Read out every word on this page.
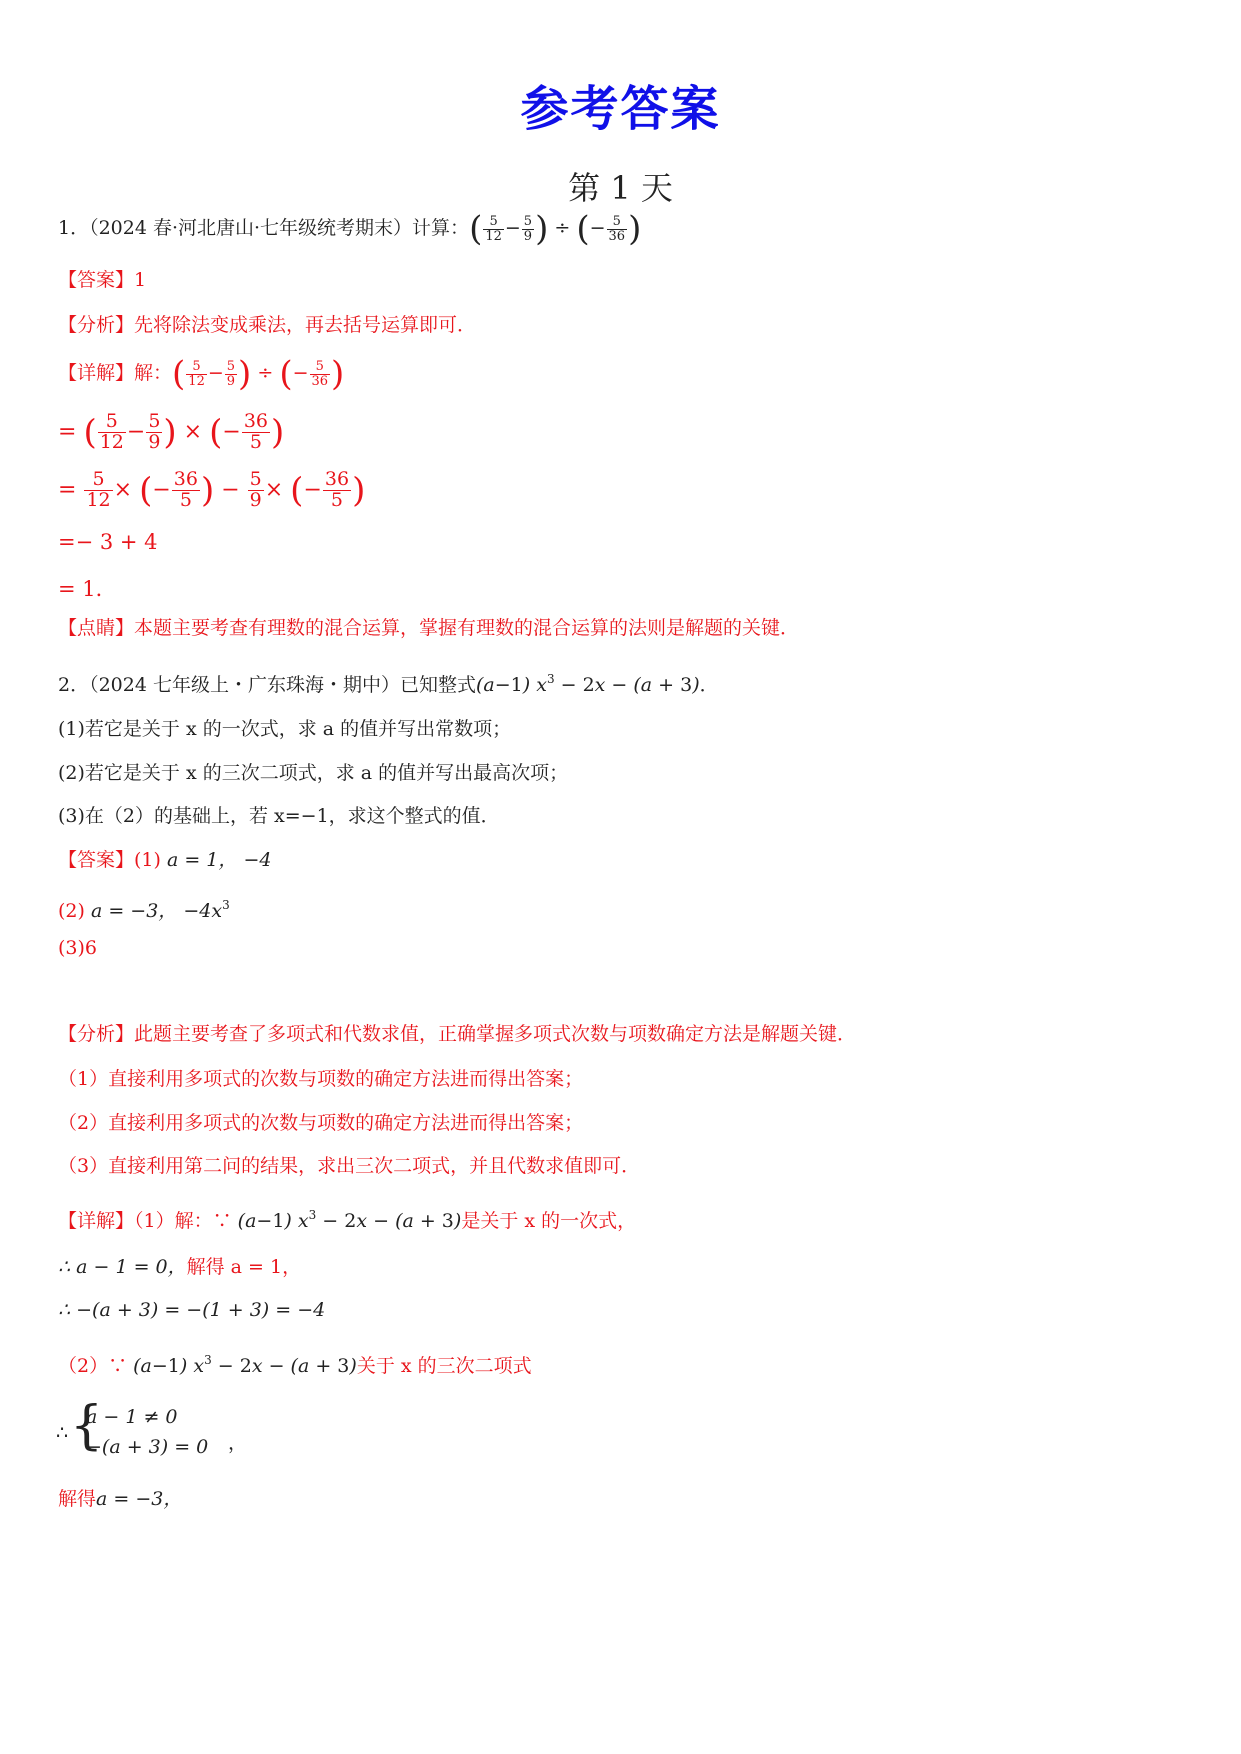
参考答案
第 1 天
1．（2024 春·河北唐山·七年级统考期末）计算：( $\frac{5}{12} - \frac{5}{9}$ ) ÷ (− $\frac{5}{36}$ )
【答案】1
【分析】先将除法变成乘法，再去括号运算即可．
【详解】解：( $\frac{5}{12} - \frac{5}{9}$ ) ÷ (− $\frac{5}{36}$ )
= ( $\frac{5}{12} - \frac{5}{9}$ ) × (− $\frac{36}{5}$ )
= $\frac{5}{12}$ × (− $\frac{36}{5}$ ) − $\frac{5}{9}$ × (− $\frac{36}{5}$ )
=− 3 + 4
= 1．
【点睛】本题主要考查有理数的混合运算，掌握有理数的混合运算的法则是解题的关键．
2．（2024 七年级上・广东珠海・期中）已知整式(a−1) $x^3 - 2x - (a + 3)$．
(1)若它是关于 x 的一次式，求 a 的值并写出常数项；
(2)若它是关于 x 的三次二项式，求 a 的值并写出最高次项；
(3)在（2）的基础上，若 x=−1，求这个整式的值．
【答案】(1) a = 1， −4
(2) a = −3， $-4x^3$
(3)6
【分析】此题主要考查了多项式和代数求值，正确掌握多项式次数与项数确定方法是解题关键．
（1）直接利用多项式的次数与项数的确定方法进而得出答案；
（2）直接利用多项式的次数与项数的确定方法进而得出答案；
（3）直接利用第二问的结果，求出三次二项式，并且代数求值即可．
【详解】（1）解：∵ (a−1) $x^3 - 2x - (a + 3)$是关于 x 的一次式，
∴ a − 1 = 0，解得 a = 1，
∴ −(a + 3) = −(1 + 3) = −4
（2）∵ (a−1) $x^3 - 2x - (a + 3)$关于 x 的三次二项式
∴ {
a − 1 ≠ 0
−(a + 3) = 0 ，
解得a = −3，
